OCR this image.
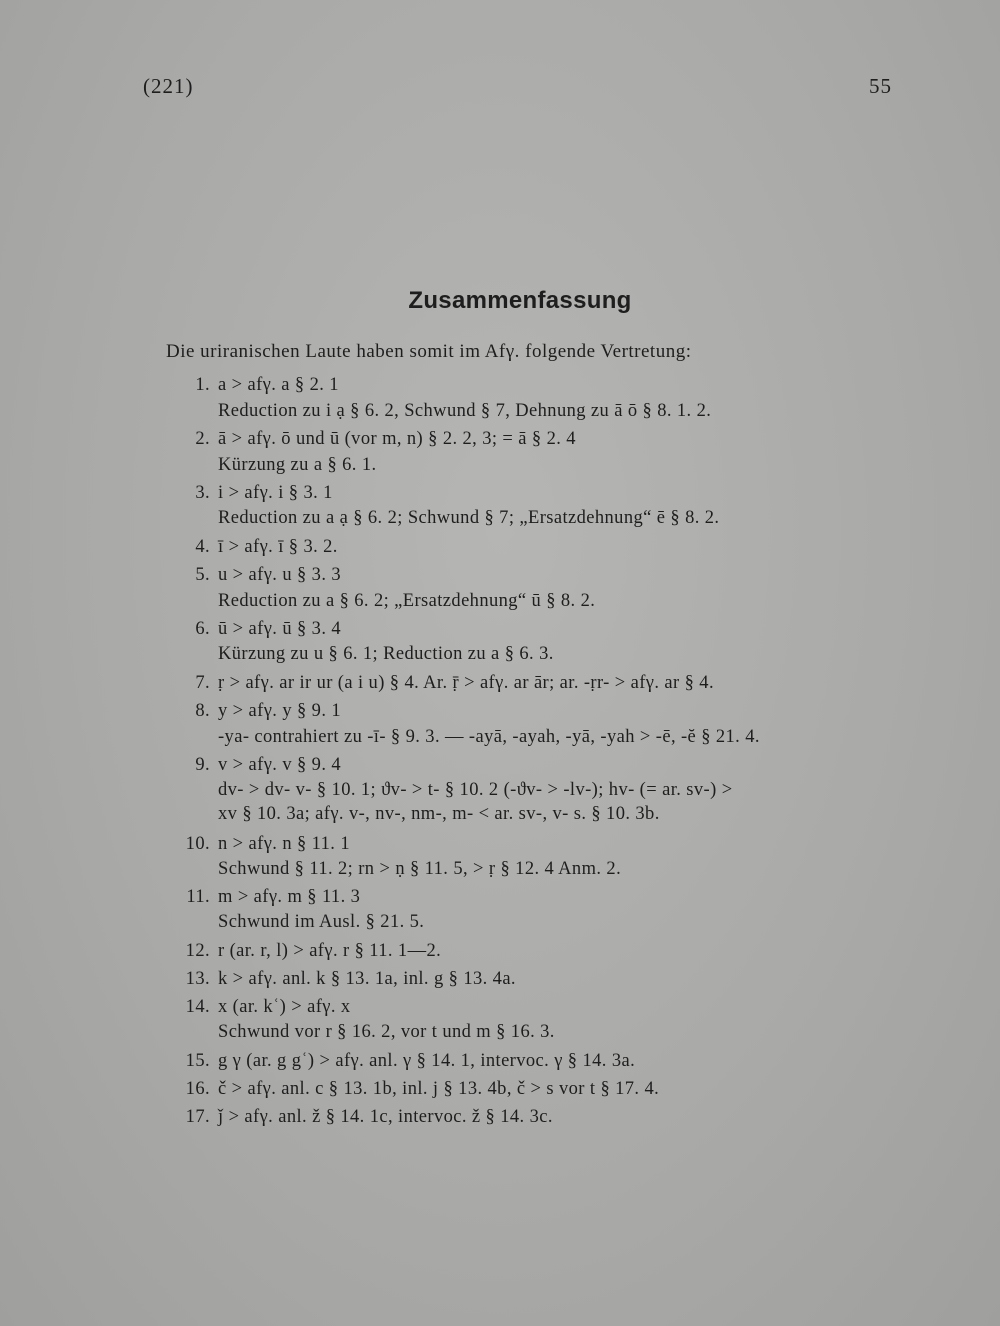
(221)	55
Zusammenfassung
Die uriranischen Laute haben somit im Afγ. folgende Vertretung:
1. a > afγ. a § 2. 1
Reduction zu i ạ § 6. 2, Schwund § 7, Dehnung zu ā ō § 8. 1. 2.
2. ā > afγ. ō und ū (vor m, n) § 2. 2, 3; = ā § 2. 4
Kürzung zu a § 6. 1.
3. i > afγ. i § 3. 1
Reduction zu a ạ § 6. 2; Schwund § 7; „Ersatzdehnung“ ē § 8. 2.
4. ī > afγ. ī § 3. 2.
5. u > afγ. u § 3. 3
Reduction zu a § 6. 2; „Ersatzdehnung“ ū § 8. 2.
6. ū > afγ. ū § 3. 4
Kürzung zu u § 6. 1; Reduction zu a § 6. 3.
7. ṛ > afγ. ar ir ur (a i u) § 4. Ar. ṝ > afγ. ar ār; ar. -ṛr- > afγ. ar § 4.
8. y > afγ. y § 9. 1
-ya- contrahiert zu -ī- § 9. 3. — -ayā, -ayah, -yā, -yah > -ē, -ĕ § 21. 4.
9. v > afγ. v § 9. 4
dv- > dv- v- § 10. 1; ϑv- > t- § 10. 2 (-ϑv- > -lv-); hv- (= ar. sv-) >
xv § 10. 3a; afγ. v-, nv-, nm-, m- < ar. sv-, v- s. § 10. 3b.
10. n > afγ. n § 11. 1
Schwund § 11. 2; rn > ṇ § 11. 5, > ṛ § 12. 4 Anm. 2.
11. m > afγ. m § 11. 3
Schwund im Ausl. § 21. 5.
12. r (ar. r, l) > afγ. r § 11. 1—2.
13. k > afγ. anl. k § 13. 1a, inl. g § 13. 4a.
14. x (ar. kʿ) > afγ. x
Schwund vor r § 16. 2, vor t und m § 16. 3.
15. g γ (ar. g gʿ) > afγ. anl. γ § 14. 1, intervoc. γ § 14. 3a.
16. č > afγ. anl. c § 13. 1b, inl. j § 13. 4b, č > s vor t § 17. 4.
17. ǰ > afγ. anl. ž § 14. 1c, intervoc. ž § 14. 3c.
